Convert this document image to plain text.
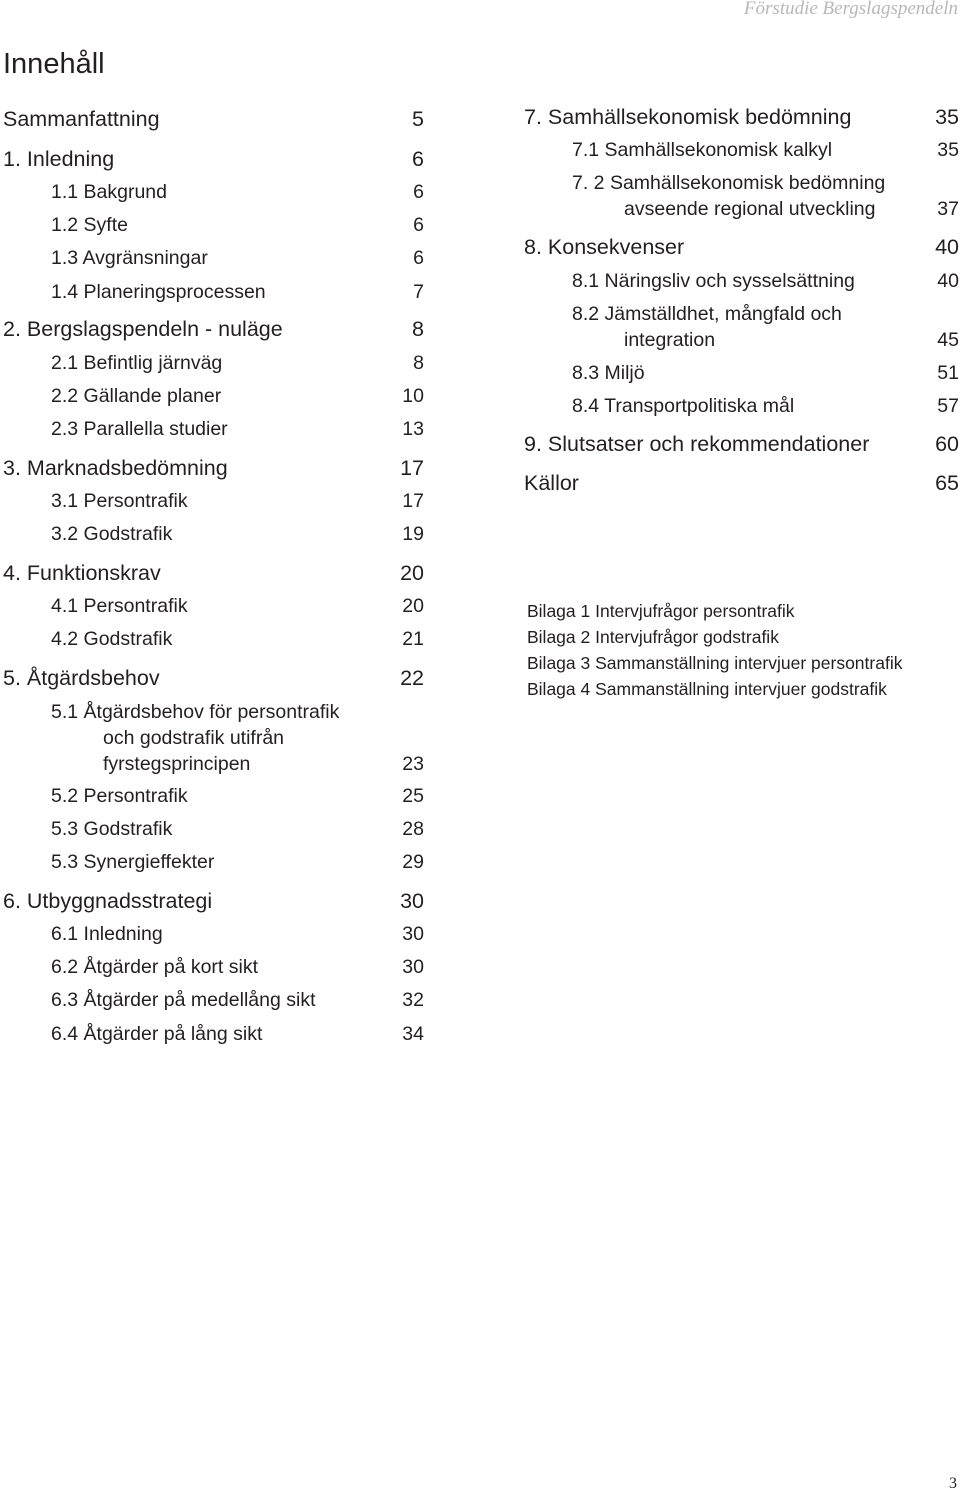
Förstudie Bergslagspendeln
Innehåll
Sammanfattning	5
1. Inledning	6
1.1 Bakgrund	6
1.2 Syfte	6
1.3 Avgränsningar	6
1.4 Planeringsprocessen	7
2. Bergslagspendeln - nuläge	8
2.1 Befintlig järnväg	8
2.2 Gällande planer	10
2.3 Parallella studier	13
3. Marknadsbedömning	17
3.1 Persontrafik	17
3.2 Godstrafik	19
4. Funktionskrav	20
4.1 Persontrafik	20
4.2 Godstrafik	21
5. Åtgärdsbehov	22
5.1 Åtgärdsbehov för persontrafik
och godstrafik utifrån
fyrstegsprincipen	23
5.2 Persontrafik	25
5.3 Godstrafik	28
5.3 Synergieffekter	29
6. Utbyggnadsstrategi	30
6.1 Inledning	30
6.2 Åtgärder på kort sikt	30
6.3 Åtgärder på medellång sikt	32
6.4 Åtgärder på lång sikt	34
7. Samhällsekonomisk bedömning	35
7.1 Samhällsekonomisk kalkyl	35
7. 2 Samhällsekonomisk bedömning
avseende regional utveckling	37
8. Konsekvenser	40
8.1 Näringsliv och sysselsättning	40
8.2 Jämställdhet, mångfald och
integration	45
8.3 Miljö	51
8.4 Transportpolitiska mål	57
9. Slutsatser och rekommendationer	60
Källor	65
Bilaga 1 Intervjufrågor persontrafik
Bilaga 2 Intervjufrågor godstrafik
Bilaga 3 Sammanställning intervjuer persontrafik
Bilaga 4 Sammanställning intervjuer godstrafik
3
